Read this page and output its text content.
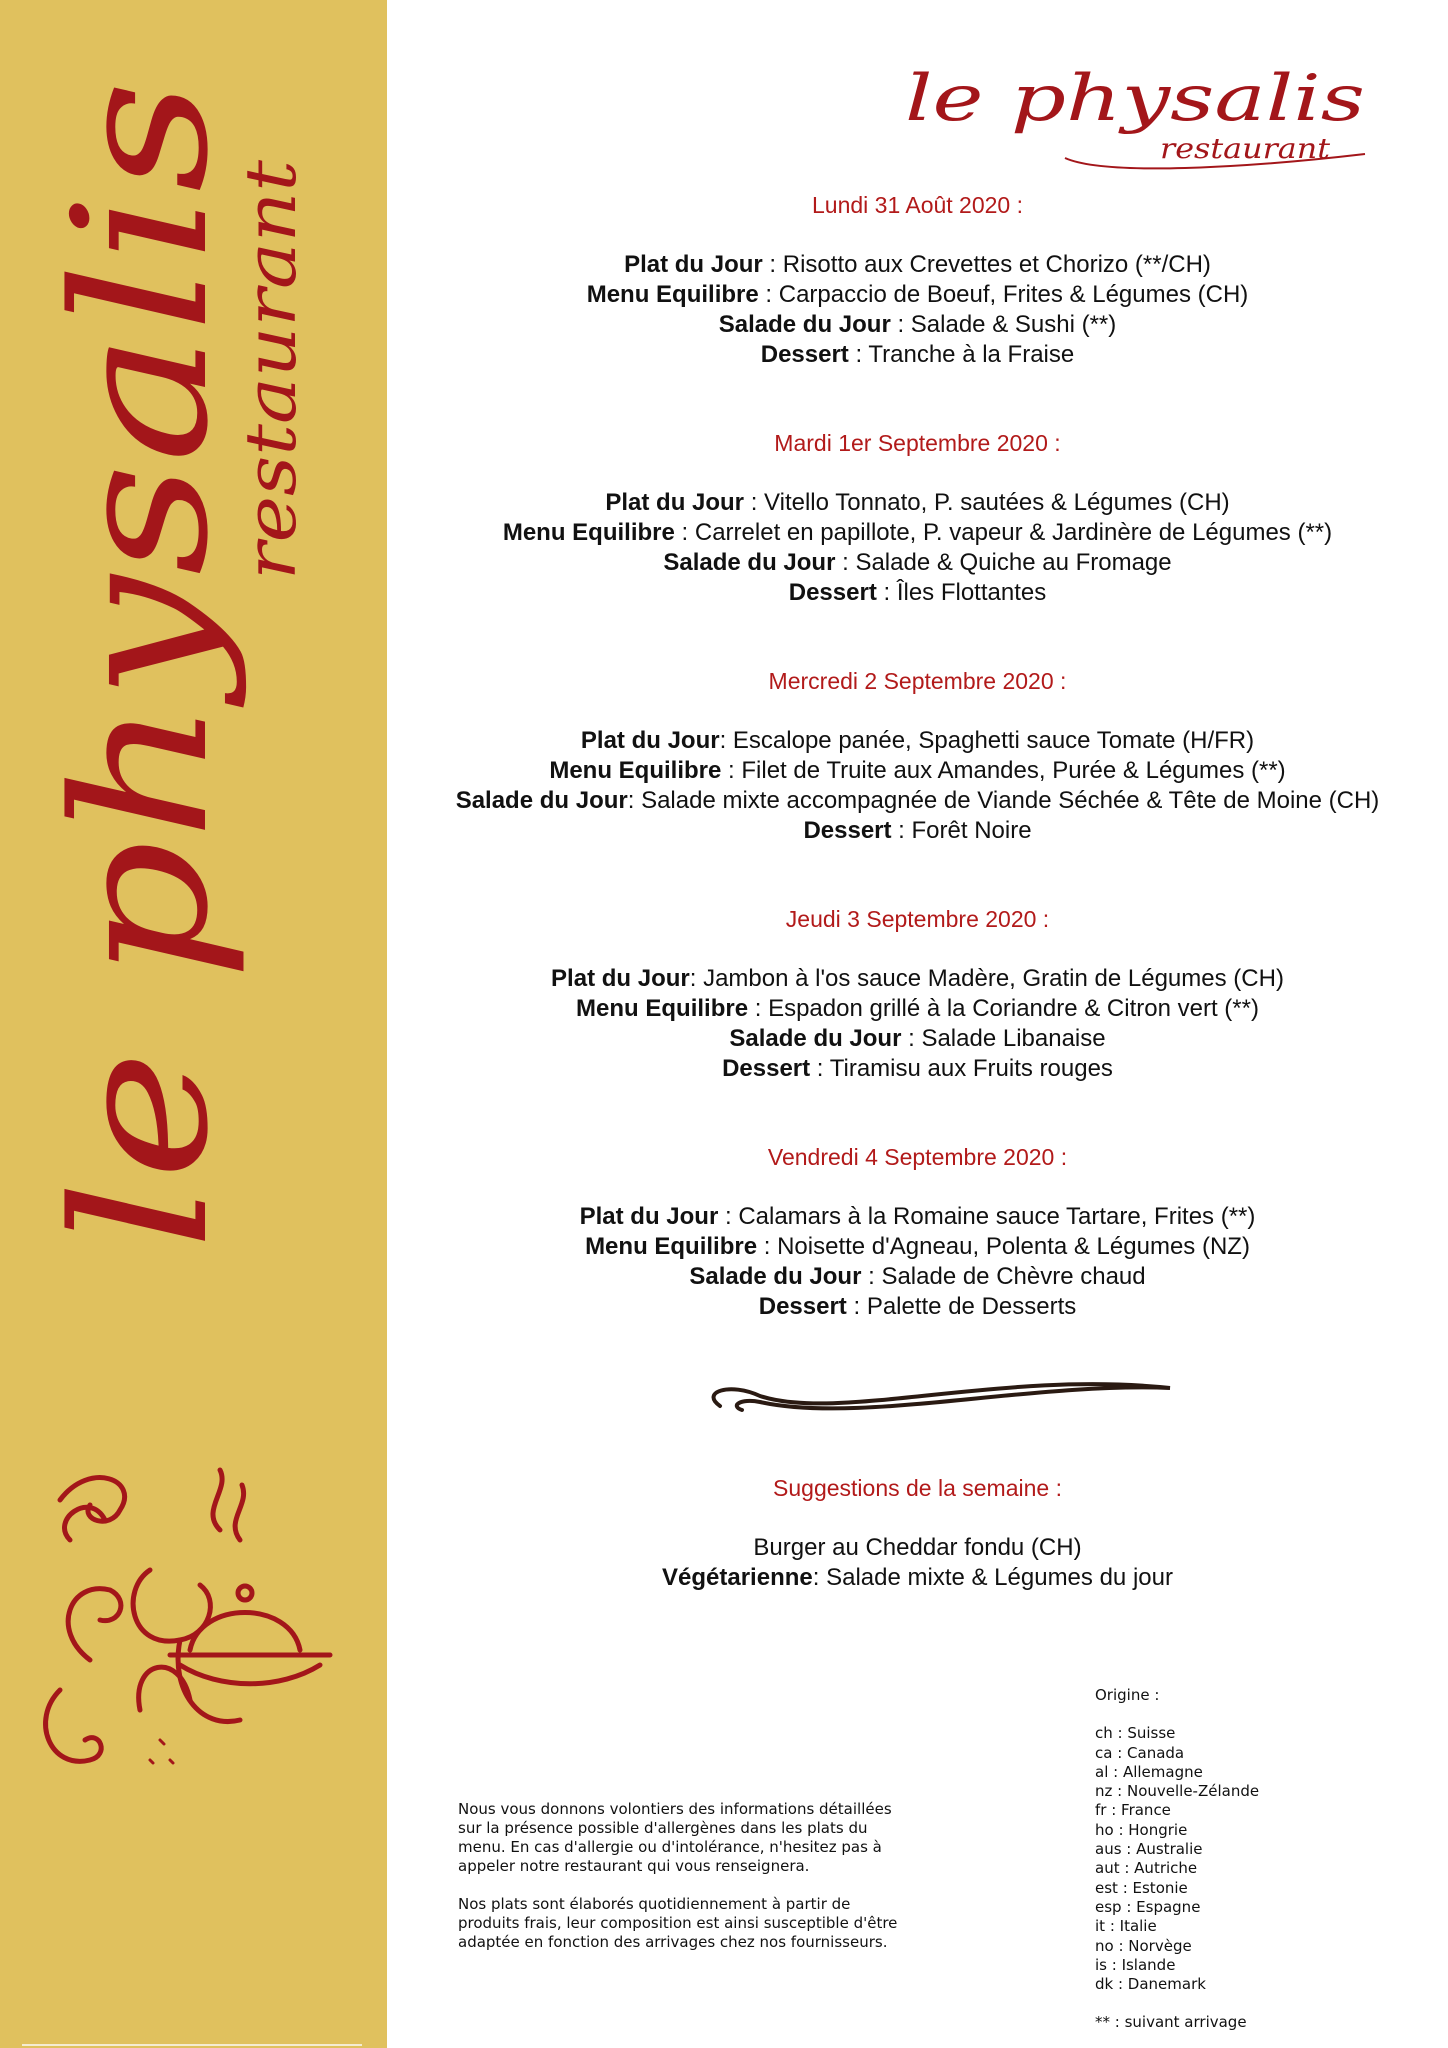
le physalis
restaurant
le physalis
restaurant
Lundi 31 Août 2020 :
Plat du Jour : Risotto aux Crevettes et Chorizo (**/CH)
Menu Equilibre : Carpaccio de Boeuf, Frites & Légumes (CH)
Salade du Jour : Salade & Sushi (**)
Dessert : Tranche à la Fraise
Mardi 1er Septembre 2020 :
Plat du Jour : Vitello Tonnato, P. sautées & Légumes (CH)
Menu Equilibre : Carrelet en papillote, P. vapeur & Jardinère de Légumes (**)
Salade du Jour : Salade & Quiche au Fromage
Dessert : Îles Flottantes
Mercredi 2 Septembre 2020 :
Plat du Jour: Escalope panée, Spaghetti sauce Tomate (H/FR)
Menu Equilibre : Filet de Truite aux Amandes, Purée & Légumes (**)
Salade du Jour: Salade mixte accompagnée de Viande Séchée & Tête de Moine (CH)
Dessert : Forêt Noire
Jeudi 3 Septembre 2020 :
Plat du Jour: Jambon à l'os sauce Madère, Gratin de Légumes (CH)
Menu Equilibre : Espadon grillé à la Coriandre & Citron vert (**)
Salade du Jour : Salade Libanaise
Dessert : Tiramisu aux Fruits rouges
Vendredi 4 Septembre 2020 :
Plat du Jour : Calamars à la Romaine sauce Tartare, Frites (**)
Menu Equilibre : Noisette d'Agneau, Polenta & Légumes (NZ)
Salade du Jour : Salade de Chèvre chaud
Dessert : Palette de Desserts
Suggestions de la semaine :
Burger au Cheddar fondu (CH)
Végétarienne: Salade mixte & Légumes du jour

Nous vous donnons volontiers des informations détaillées
sur la présence possible d'allergènes dans les plats du
menu. En cas d'allergie ou d'intolérance, n'hesitez pas à
appeler notre restaurant qui vous renseignera.

Nos plats sont élaborés quotidiennement à partir de
produits frais, leur composition est ainsi susceptible d'être
adaptée en fonction des arrivages chez nos fournisseurs.

Origine :
ch : Suisse
ca : Canada
al : Allemagne
nz : Nouvelle-Zélande
fr : France
ho : Hongrie
aus : Australie
aut : Autriche
est : Estonie
esp : Espagne
it : Italie
no : Norvège
is : Islande
dk : Danemark
** : suivant arrivage
